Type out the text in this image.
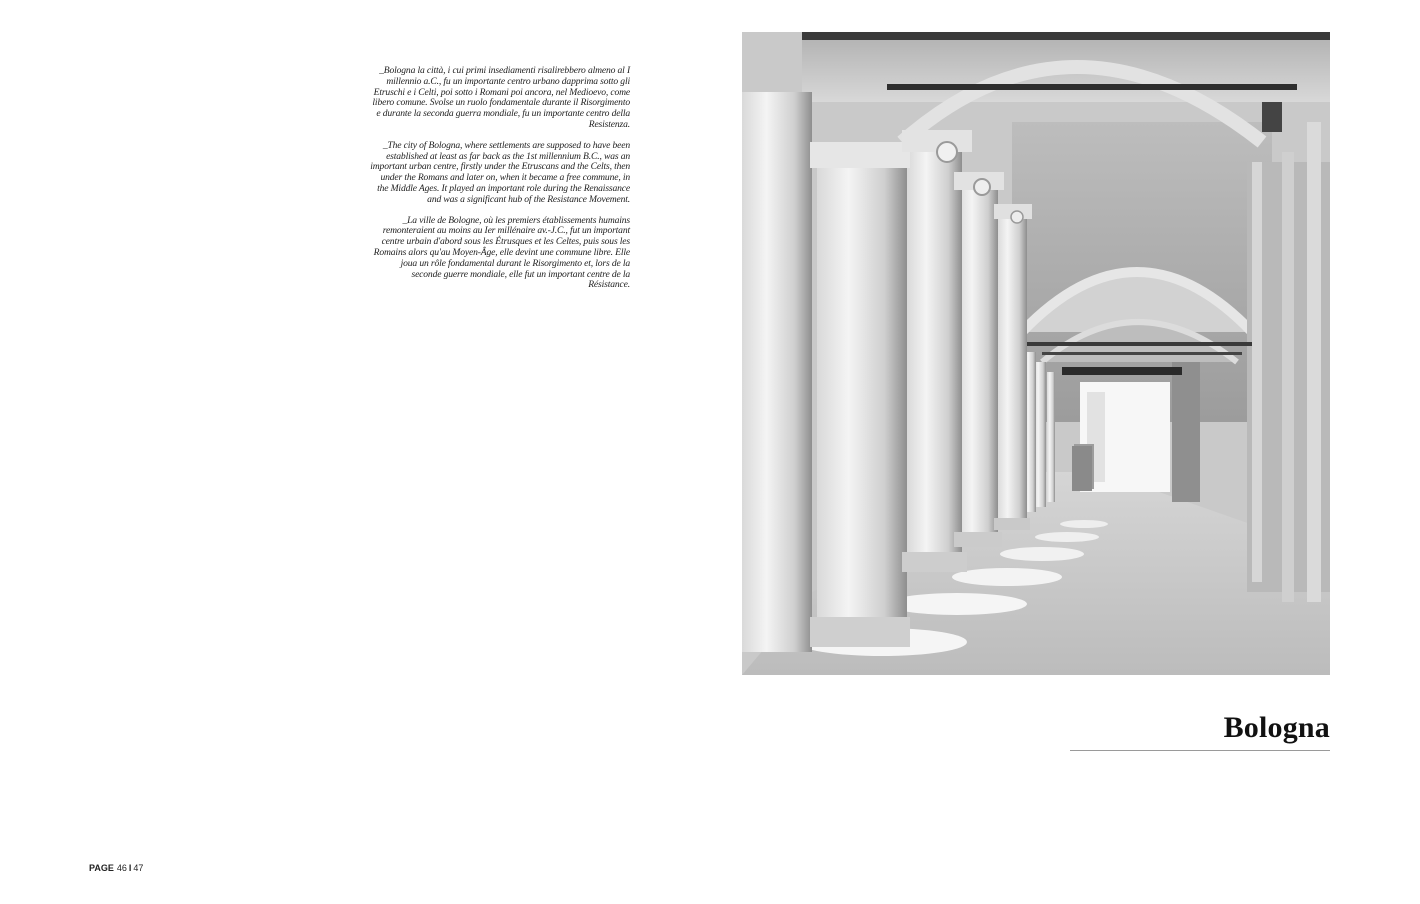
_Bologna la città, i cui primi insediamenti risalirebbero almeno al I millennio a.C., fu un importante centro urbano dapprima sotto gli Etruschi e i Celti, poi sotto i Romani poi ancora, nel Medioevo, come libero comune. Svolse un ruolo fondamentale durante il Risorgimento e durante la seconda guerra mondiale, fu un importante centro della Resistenza.

_The city of Bologna, where settlements are supposed to have been established at least as far back as the 1st millennium B.C., was an important urban centre, firstly under the Etruscans and the Celts, then under the Romans and later on, when it became a free commune, in the Middle Ages. It played an important role during the Renaissance and was a significant hub of the Resistance Movement.

_La ville de Bologne, où les premiers établissements humains remonteraient au moins au Ier millénaire av.-J.C., fut un important centre urbain d'abord sous les Étrusques et les Celtes, puis sous les Romains alors qu'au Moyen-Âge, elle devint une commune libre. Elle joua un rôle fondamental durant le Risorgimento et, lors de la seconde guerre mondiale, elle fut un important centre de la Résistance.

Bologna
PAGE 46 I 47
